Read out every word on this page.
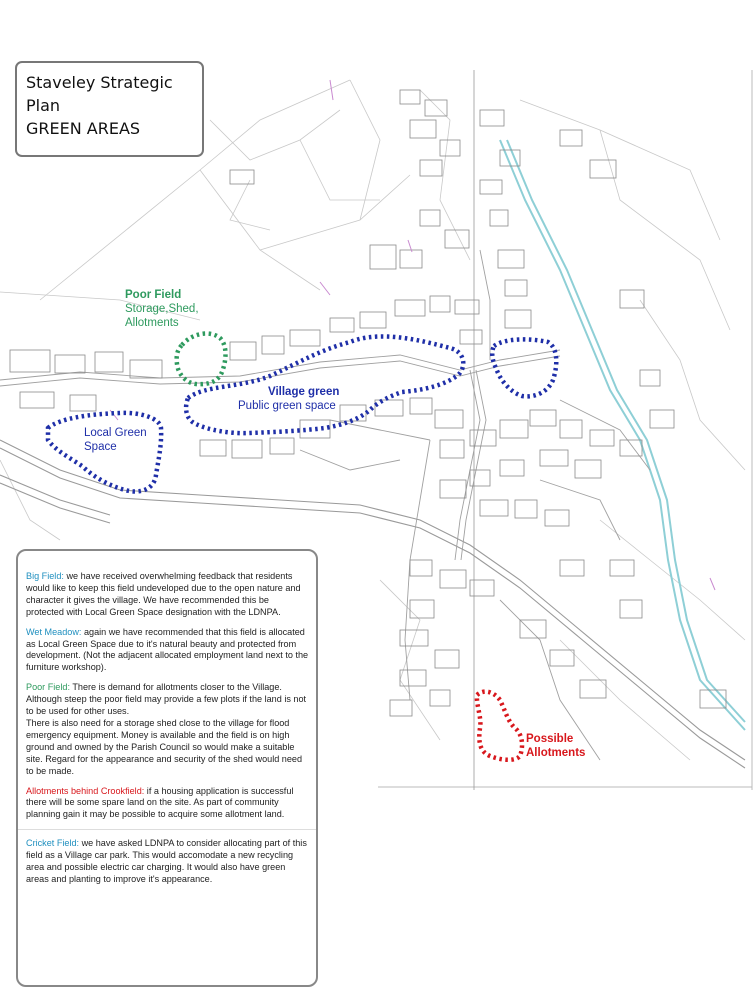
Staveley Strategic
Plan
GREEN AREAS
Poor Field
Storage,Shed,
Allotments
Village green
Public green space
Local Green
Space
Possible
Allotments

Big Field: we have received overwhelming feedback that residents would like to keep this field undeveloped due to the open nature and character it gives the village. We have recommended this be protected with Local Green Space designation with the LDNPA.

Wet Meadow: again we have recommended that this field is allocated as Local Green Space due to it's natural beauty and protected from development. (Not the adjacent allocated employment land next to the furniture workshop).

Poor Field: There is demand for allotments closer to the Village. Although steep the poor field may provide a few plots if the land is not to be used for other uses.

There is also need for a storage shed close to the village for flood emergency equipment. Money is available and the field is on high ground and owned by the Parish Council so would make a suitable site. Regard for the appearance and security of the shed would need to be made.

Allotments behind Crookfield: if a housing application is successful there will be some spare land on the site. As part of community planning gain it may be possible to acquire some allotment land.

Cricket Field: we have asked LDNPA to consider allocating part of this field as a Village car park. This would accomodate a new recycling area and possible electric car charging. It would also have green areas and planting to improve it's appearance.
